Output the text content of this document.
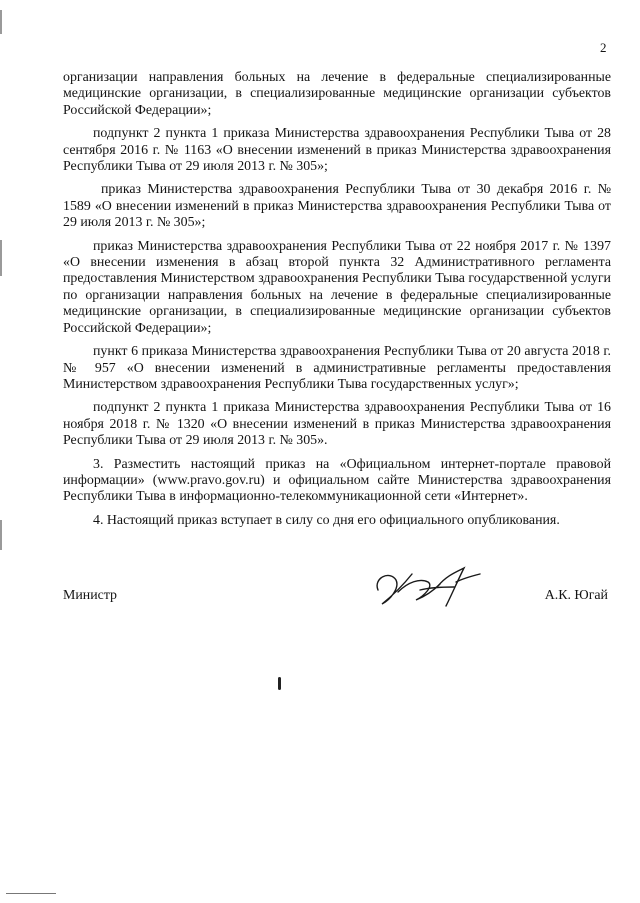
2

организации направления больных на лечение в федеральные специализированные медицинские организации, в специализированные медицинские организации субъектов Российской Федерации»;

подпункт 2 пункта 1 приказа Министерства здравоохранения Республики Тыва от 28 сентября 2016 г. № 1163 «О внесении изменений в приказ Министерства здравоохранения Республики Тыва от 29 июля 2013 г. № 305»;

приказ Министерства здравоохранения Республики Тыва от 30 декабря 2016 г. № 1589 «О внесении изменений в приказ Министерства здравоохранения Республики Тыва от 29 июля 2013 г. № 305»;

приказ Министерства здравоохранения Республики Тыва от 22 ноября 2017 г. № 1397 «О внесении изменения в абзац второй пункта 32 Административного регламента предоставления Министерством здравоохранения Республики Тыва государственной услуги по организации направления больных на лечение в федеральные специализированные медицинские организации, в специализированные медицинские организации субъектов Российской Федерации»;

пункт 6 приказа Министерства здравоохранения Республики Тыва от 20 августа 2018 г. № 957 «О внесении изменений в административные регламенты предоставления Министерством здравоохранения Республики Тыва государственных услуг»;

подпункт 2 пункта 1 приказа Министерства здравоохранения Республики Тыва от 16 ноября 2018 г. № 1320 «О внесении изменений в приказ Министерства здравоохранения Республики Тыва от 29 июля 2013 г. № 305».

3. Разместить настоящий приказ на «Официальном интернет-портале правовой информации» (www.pravo.gov.ru) и официальном сайте Министерства здравоохранения Республики Тыва в информационно-телекоммуникационной сети «Интернет».

4. Настоящий приказ вступает в силу со дня его официального опубликования.

Министр	А.К. Югай
